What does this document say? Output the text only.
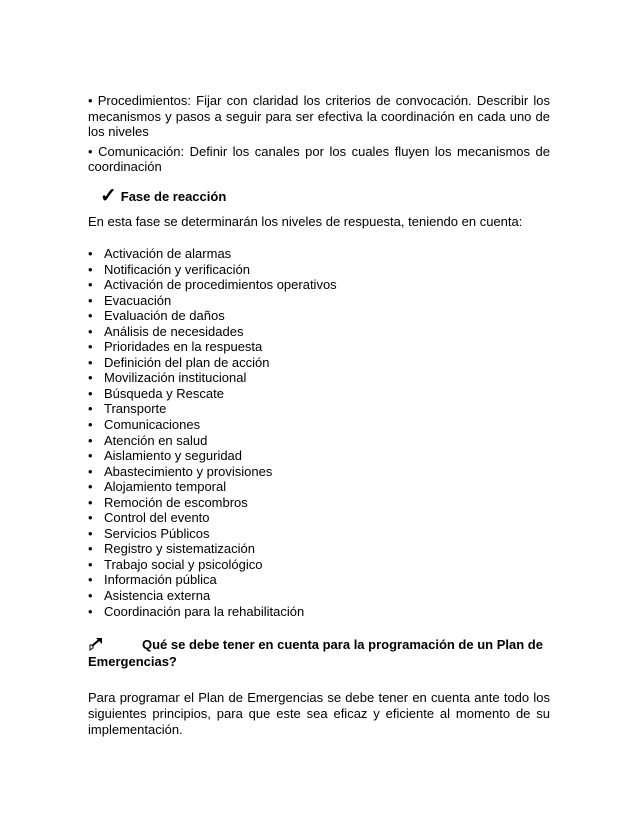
• Procedimientos: Fijar con claridad los criterios de convocación. Describir los mecanismos y pasos a seguir para ser efectiva la coordinación en cada uno de los niveles

• Comunicación: Definir los canales por los cuales fluyen los mecanismos de coordinación

✓ Fase de reacción
En esta fase se determinarán los niveles de respuesta, teniendo en cuenta:
• Activación de alarmas
• Notificación y verificación
• Activación de procedimientos operativos
• Evacuación
• Evaluación de daños
• Análisis de necesidades
• Prioridades en la respuesta
• Definición del plan de acción
• Movilización institucional
• Búsqueda y Rescate
• Transporte
• Comunicaciones
• Atención en salud
• Aislamiento y seguridad
• Abastecimiento y provisiones
• Alojamiento temporal
• Remoción de escombros
• Control del evento
• Servicios Públicos
• Registro y sistematización
• Trabajo social y psicológico
• Información pública
• Asistencia externa
• Coordinación para la rehabilitación
Qué se debe tener en cuenta para la programación de un Plan de Emergencias?
Para programar el Plan de Emergencias se debe tener en cuenta ante todo los siguientes principios, para que este sea eficaz y eficiente al momento de su implementación.
